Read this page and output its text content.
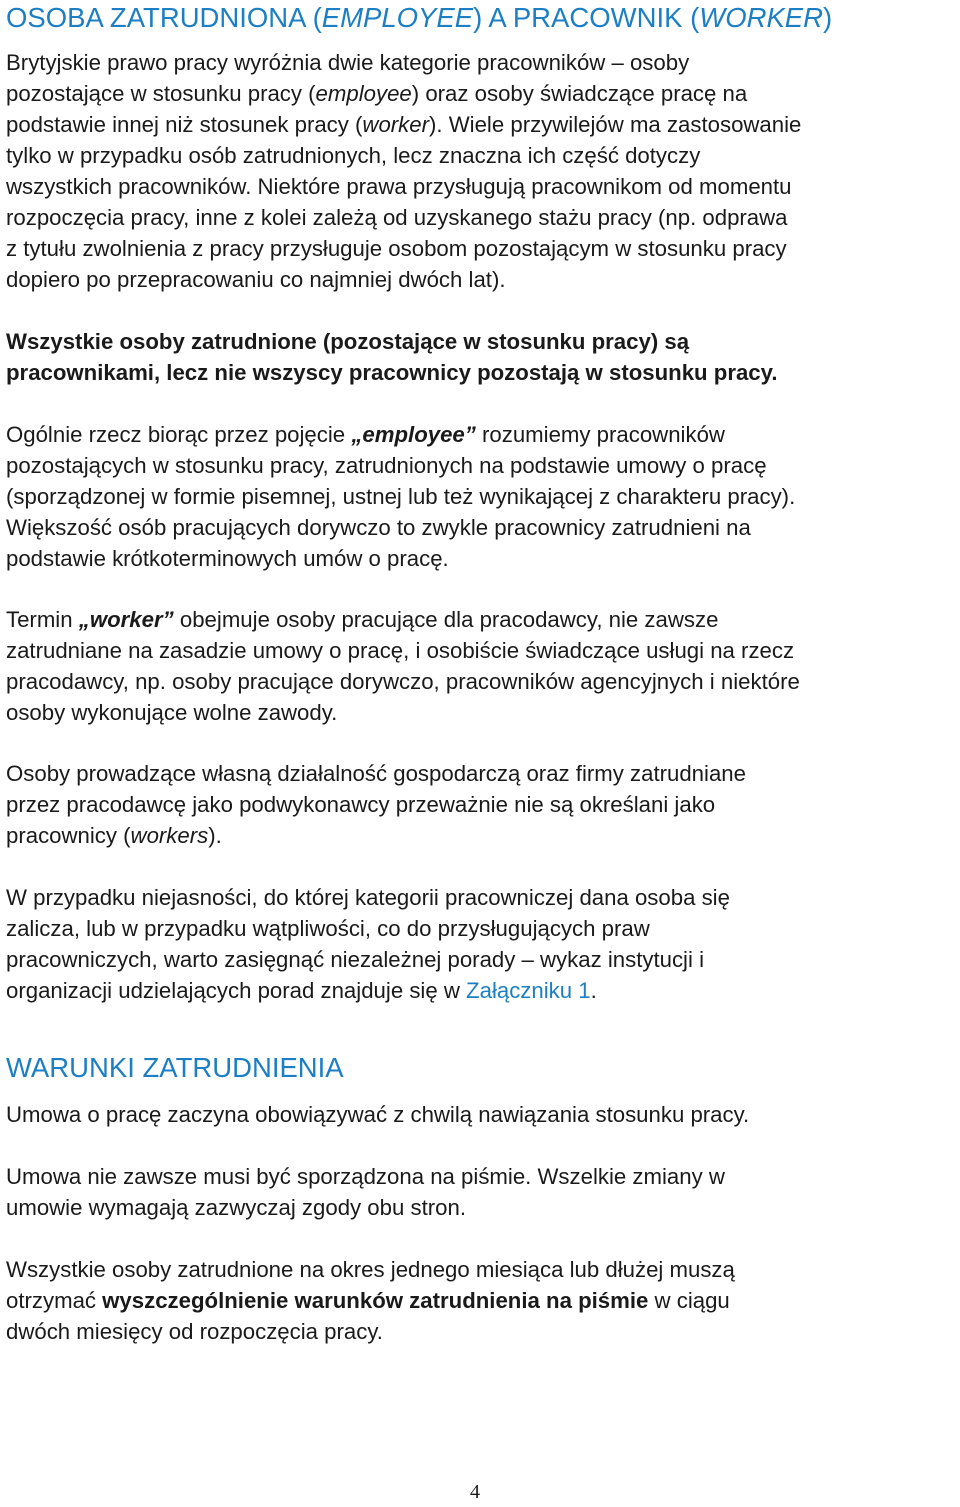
OSOBA ZATRUDNIONA (EMPLOYEE) A PRACOWNIK (WORKER)

Brytyjskie prawo pracy wyróżnia dwie kategorie pracowników – osoby
pozostające w stosunku pracy (employee) oraz osoby świadczące pracę na
podstawie innej niż stosunek pracy (worker). Wiele przywilejów ma zastosowanie
tylko w przypadku osób zatrudnionych, lecz znaczna ich część dotyczy
wszystkich pracowników. Niektóre prawa przysługują pracownikom od momentu
rozpoczęcia pracy, inne z kolei zależą od uzyskanego stażu pracy (np. odprawa
z tytułu zwolnienia z pracy przysługuje osobom pozostającym w stosunku pracy
dopiero po przepracowaniu co najmniej dwóch lat).

Wszystkie osoby zatrudnione (pozostające w stosunku pracy) są
pracownikami, lecz nie wszyscy pracownicy pozostają w stosunku pracy.

Ogólnie rzecz biorąc przez pojęcie „employee” rozumiemy pracowników
pozostających w stosunku pracy, zatrudnionych na podstawie umowy o pracę
(sporządzonej w formie pisemnej, ustnej lub też wynikającej z charakteru pracy).
Większość osób pracujących dorywczo to zwykle pracownicy zatrudnieni na
podstawie krótkoterminowych umów o pracę.

Termin „worker” obejmuje osoby pracujące dla pracodawcy, nie zawsze
zatrudniane na zasadzie umowy o pracę, i osobiście świadczące usługi na rzecz
pracodawcy, np. osoby pracujące dorywczo, pracowników agencyjnych i niektóre
osoby wykonujące wolne zawody.

Osoby prowadzące własną działalność gospodarczą oraz firmy zatrudniane
przez pracodawcę jako podwykonawcy przeważnie nie są określani jako
pracownicy (workers).

W przypadku niejasności, do której kategorii pracowniczej dana osoba się
zalicza, lub w przypadku wątpliwości, co do przysługujących praw
pracowniczych, warto zasięgnąć niezależnej porady – wykaz instytucji i
organizacji udzielających porad znajduje się w Załączniku 1.

WARUNKI ZATRUDNIENIA

Umowa o pracę zaczyna obowiązywać z chwilą nawiązania stosunku pracy.

Umowa nie zawsze musi być sporządzona na piśmie. Wszelkie zmiany w
umowie wymagają zazwyczaj zgody obu stron.

Wszystkie osoby zatrudnione na okres jednego miesiąca lub dłużej muszą
otrzymać wyszczególnienie warunków zatrudnienia na piśmie w ciągu
dwóch miesięcy od rozpoczęcia pracy.

4
